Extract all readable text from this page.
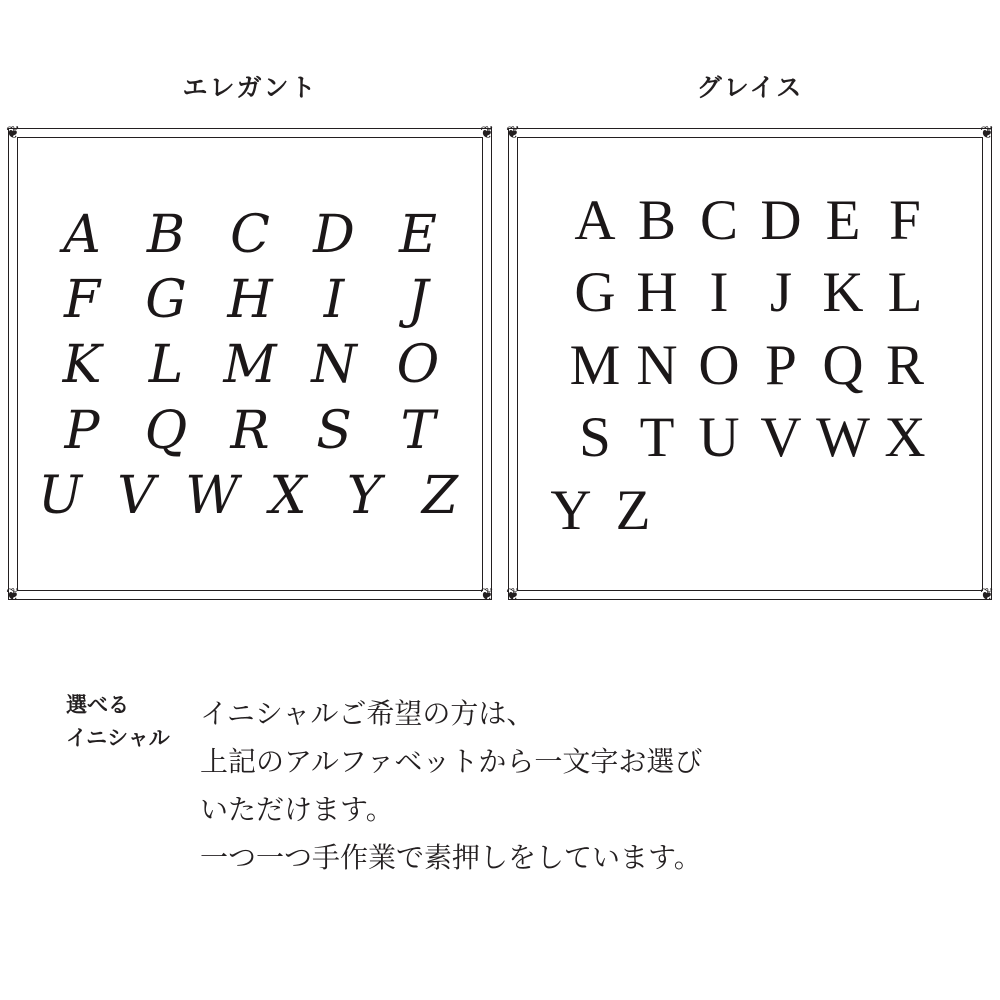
エレガント	グレイス
❦	❦
❦	❦
A B C D E
F G H I	J
K L M N O
P Q R S T
U V W X Y Z
❦	❦
❦	❦
A B C D E F
G H I J K L
M N O P Q R
S T U V W X
Y Z
選べる
イニシャル

イニシャルご希望の方は、

上記のアルファベットから一文字お選び

いただけます。

一つ一つ手作業で素押しをしています。
